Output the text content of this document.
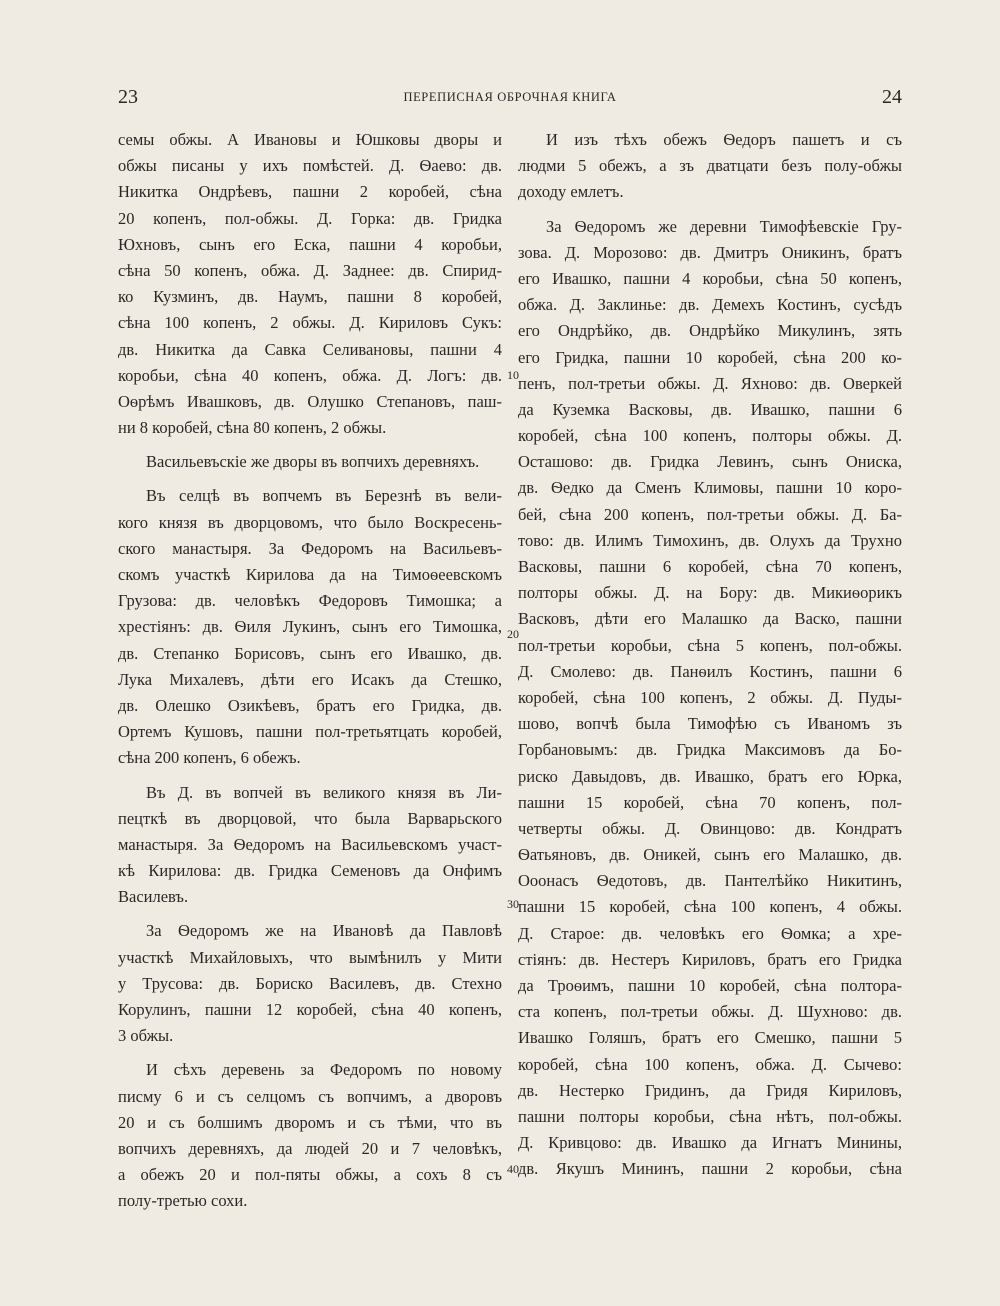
23	ПЕРЕПИСНАЯ ОБРОЧНАЯ КНИГА	24
семы обжы. А Ивановы и Юшковы дворы и
обжы писаны у ихъ помѣстей. Д. Ѳаево: дв.
Никитка Ондрѣевъ, пашни 2 коробей, сѣна
20 копенъ, пол-обжы. Д. Горка: дв. Гридка
Юхновъ, сынъ его Еска, пашни 4 коробьи,
сѣна 50 копенъ, обжа. Д. Заднее: дв. Спирид-
ко Кузминъ, дв. Наумъ, пашни 8 коробей,
сѣна 100 копенъ, 2 обжы. Д. Кириловъ Сукъ:
дв. Никитка да Савка Селивановы, пашни 4
коробьи, сѣна 40 копенъ, обжа. Д. Логъ: дв.
Оѳрѣмъ Ивашковъ, дв. Олушко Степановъ, паш-
ни 8 коробей, сѣна 80 копенъ, 2 обжы.
Васильевъскіе же дворы въ вопчихъ деревняхъ.
Въ селцѣ въ вопчемъ въ Березнѣ въ вели-
кого князя въ дворцовомъ, что было Воскресень-
ского манастыря. За Федоромъ на Васильевъ-
скомъ участкѣ Кирилова да на Тимоѳеевскомъ
Грузова: дв. человѣкъ Федоровъ Тимошка; а
хрестіянъ: дв. Ѳиля Лукинъ, сынъ его Тимошка,
дв. Степанко Борисовъ, сынъ его Ивашко, дв.
Лука Михалевъ, дѣти его Исакъ да Стешко,
дв. Олешко Озикѣевъ, братъ его Гридка, дв.
Ортемъ Кушовъ, пашни пол-третьятцать коробей,
сѣна 200 копенъ, 6 обежъ.
Въ Д. въ вопчей въ великого князя въ Ли-
пецткѣ въ дворцовой, что была Варварьского
манастыря. За Ѳедоромъ на Васильевскомъ участ-
кѣ Кирилова: дв. Гридка Семеновъ да Онфимъ
Василевъ.
За Ѳедоромъ же на Ивановѣ да Павловѣ
участкѣ Михайловыхъ, что вымѣнилъ у Мити
у Трусова: дв. Бориско Василевъ, дв. Стехно
Корулинъ, пашни 12 коробей, сѣна 40 копенъ,
3 обжы.
И сѣхъ деревень за Федоромъ по новому
писму 6 и съ селцомъ съ вопчимъ, а дворовъ
20 и съ болшимъ дворомъ и съ тѣми, что въ
вопчихъ деревняхъ, да людей 20 и 7 человѣкъ,
а обежъ 20 и пол-пяты обжы, а сохъ 8 съ
полу-третью сохи.
И изъ тѣхъ обежъ Ѳедоръ пашетъ и съ
людми 5 обежъ, а зъ дватцати безъ полу-обжы
доходу емлетъ.
За Ѳедоромъ же деревни Тимофѣевскіе Гру-
зова. Д. Морозово: дв. Дмитръ Оникинъ, братъ
его Ивашко, пашни 4 коробьи, сѣна 50 копенъ,
обжа. Д. Заклинье: дв. Демехъ Костинъ, сусѣдъ
его Ондрѣйко, дв. Ондрѣйко Микулинъ, зять
его Гридка, пашни 10 коробей, сѣна 200 ко-
пенъ, пол-третьи обжы. Д. Яхново: дв. Оверкей
да Куземка Васковы, дв. Ивашко, пашни 6
коробей, сѣна 100 копенъ, полторы обжы. Д.
Осташово: дв. Гридка Левинъ, сынъ Ониска,
дв. Ѳедко да Сменъ Климовы, пашни 10 коро-
бей, сѣна 200 копенъ, пол-третьи обжы. Д. Ба-
тово: дв. Илимъ Тимохинъ, дв. Олухъ да Трухно
Васковы, пашни 6 коробей, сѣна 70 копенъ,
полторы обжы. Д. на Бору: дв. Микиѳорикъ
Васковъ, дѣти его Малашко да Васко, пашни
пол-третьи коробьи, сѣна 5 копенъ, пол-обжы.
Д. Смолево: дв. Панѳилъ Костинъ, пашни 6
коробей, сѣна 100 копенъ, 2 обжы. Д. Пуды-
шово, вопчѣ была Тимофѣю съ Ивaномъ зъ
Горбановымъ: дв. Гридка Максимовъ да Бо-
риско Давыдовъ, дв. Ивашко, братъ его Юрка,
пашни 15 коробей, сѣна 70 копенъ, пол-
четверты обжы. Д. Овинцово: дв. Кондратъ
Ѳатьяновъ, дв. Оникей, сынъ его Малашко, дв.
Ооонасъ Ѳедотовъ, дв. Пантелѣйко Никитинъ,
пашни 15 коробей, сѣна 100 копенъ, 4 обжы.
Д. Старое: дв. человѣкъ его Ѳомка; а хре-
стіянъ: дв. Нестеръ Кириловъ, братъ его Гридка
да Троѳимъ, пашни 10 коробей, сѣна полтора-
ста копенъ, пол-третьи обжы. Д. Шухново: дв.
Ивашко Голяшъ, братъ его Смешко, пашни 5
коробей, сѣна 100 копенъ, обжа. Д. Сычево:
дв. Нестерко Гридинъ, да Гридя Кириловъ,
пашни полторы коробьи, сѣна нѣтъ, пол-обжы.
Д. Кривцово: дв. Ивашко да Игнатъ Минины,
дв. Якушъ Мининъ, пашни 2 коробьи, сѣна
10
20
30
40
